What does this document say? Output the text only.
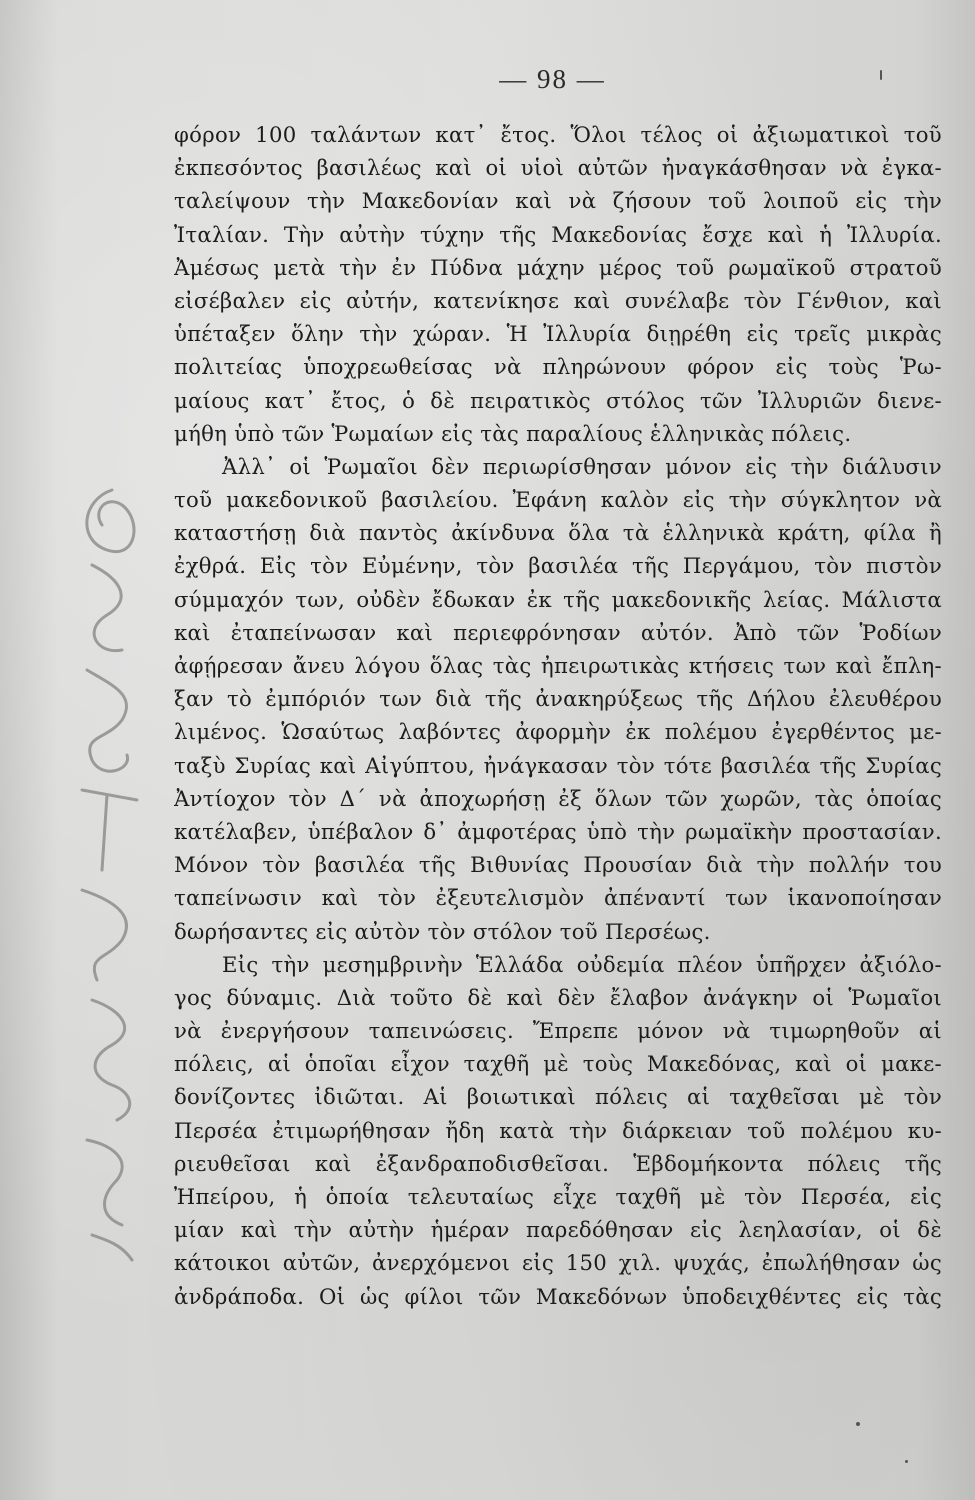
— 98 —
φόρον 100 ταλάντων κατ᾽ ἔτος. Ὅλοι τέλος οἱ ἀξιωματικοὶ τοῦ
ἐκπεσόντος βασιλέως καὶ οἱ υἱοὶ αὐτῶν ἠναγκάσθησαν νὰ ἐγκα-
ταλείψουν τὴν Μακεδονίαν καὶ νὰ ζήσουν τοῦ λοιποῦ εἰς τὴν
Ἰταλίαν. Τὴν αὐτὴν τύχην τῆς Μακεδονίας ἔσχε καὶ ἡ Ἰλλυρία.
Ἀμέσως μετὰ τὴν ἐν Πύδνα μάχην μέρος τοῦ ρωμαϊκοῦ στρατοῦ
εἰσέβαλεν εἰς αὐτήν, κατενίκησε καὶ συνέλαβε τὸν Γένθιον, καὶ
ὑπέταξεν ὅλην τὴν χώραν. Ἡ Ἰλλυρία διῃρέθη εἰς τρεῖς μικρὰς
πολιτείας ὑποχρεωθείσας νὰ πληρώνουν φόρον εἰς τοὺς Ῥω-
μαίους κατ᾽ ἔτος, ὁ δὲ πειρατικὸς στόλος τῶν Ἰλλυριῶν διενε-
μήθη ὑπὸ τῶν Ῥωμαίων εἰς τὰς παραλίους ἑλληνικὰς πόλεις.
Ἀλλ᾽ οἱ Ῥωμαῖοι δὲν περιωρίσθησαν μόνον εἰς τὴν διάλυσιν
τοῦ μακεδονικοῦ βασιλείου. Ἐφάνη καλὸν εἰς τὴν σύγκλητον νὰ
καταστήσῃ διὰ παντὸς ἀκίνδυνα ὅλα τὰ ἑλληνικὰ κράτη, φίλα ἢ
ἐχθρά. Εἰς τὸν Εὐμένην, τὸν βασιλέα τῆς Περγάμου, τὸν πιστὸν
σύμμαχόν των, οὐδὲν ἔδωκαν ἐκ τῆς μακεδονικῆς λείας. Μάλιστα
καὶ ἐταπείνωσαν καὶ περιεφρόνησαν αὐτόν. Ἀπὸ τῶν Ῥοδίων
ἀφῄρεσαν ἄνευ λόγου ὅλας τὰς ἠπειρωτικὰς κτήσεις των καὶ ἔπλη-
ξαν τὸ ἐμπόριόν των διὰ τῆς ἀνακηρύξεως τῆς Δήλου ἐλευθέρου
λιμένος. Ὡσαύτως λαβόντες ἀφορμὴν ἐκ πολέμου ἐγερθέντος με-
ταξὺ Συρίας καὶ Αἰγύπτου, ἠνάγκασαν τὸν τότε βασιλέα τῆς Συρίας
Ἀντίοχον τὸν Δ´ νὰ ἀποχωρήσῃ ἐξ ὅλων τῶν χωρῶν, τὰς ὁποίας
κατέλαβεν, ὑπέβαλον δ᾽ ἀμφοτέρας ὑπὸ τὴν ρωμαϊκὴν προστασίαν.
Μόνον τὸν βασιλέα τῆς Βιθυνίας Προυσίαν διὰ τὴν πολλήν του
ταπείνωσιν καὶ τὸν ἐξευτελισμὸν ἀπέναντί των ἱκανοποίησαν
δωρήσαντες εἰς αὐτὸν τὸν στόλον τοῦ Περσέως.
Εἰς τὴν μεσημβρινὴν Ἑλλάδα οὐδεμία πλέον ὑπῆρχεν ἀξιόλο-
γος δύναμις. Διὰ τοῦτο δὲ καὶ δὲν ἔλαβον ἀνάγκην οἱ Ῥωμαῖοι
νὰ ἐνεργήσουν ταπεινώσεις. Ἔπρεπε μόνον νὰ τιμωρηθοῦν αἱ
πόλεις, αἱ ὁποῖαι εἶχον ταχθῆ μὲ τοὺς Μακεδόνας, καὶ οἱ μακε-
δονίζοντες ἰδιῶται. Αἱ βοιωτικαὶ πόλεις αἱ ταχθεῖσαι μὲ τὸν
Περσέα ἐτιμωρήθησαν ἤδη κατὰ τὴν διάρκειαν τοῦ πολέμου κυ-
ριευθεῖσαι καὶ ἐξανδραποδισθεῖσαι. Ἑβδομήκοντα πόλεις τῆς
Ἠπείρου, ἡ ὁποία τελευταίως εἶχε ταχθῆ μὲ τὸν Περσέα, εἰς
μίαν καὶ τὴν αὐτὴν ἡμέραν παρεδόθησαν εἰς λεηλασίαν, οἱ δὲ
κάτοικοι αὐτῶν, ἀνερχόμενοι εἰς 150 χιλ. ψυχάς, ἐπωλήθησαν ὡς
ἀνδράποδα. Οἱ ὡς φίλοι τῶν Μακεδόνων ὑποδειχθέντες εἰς τὰς
